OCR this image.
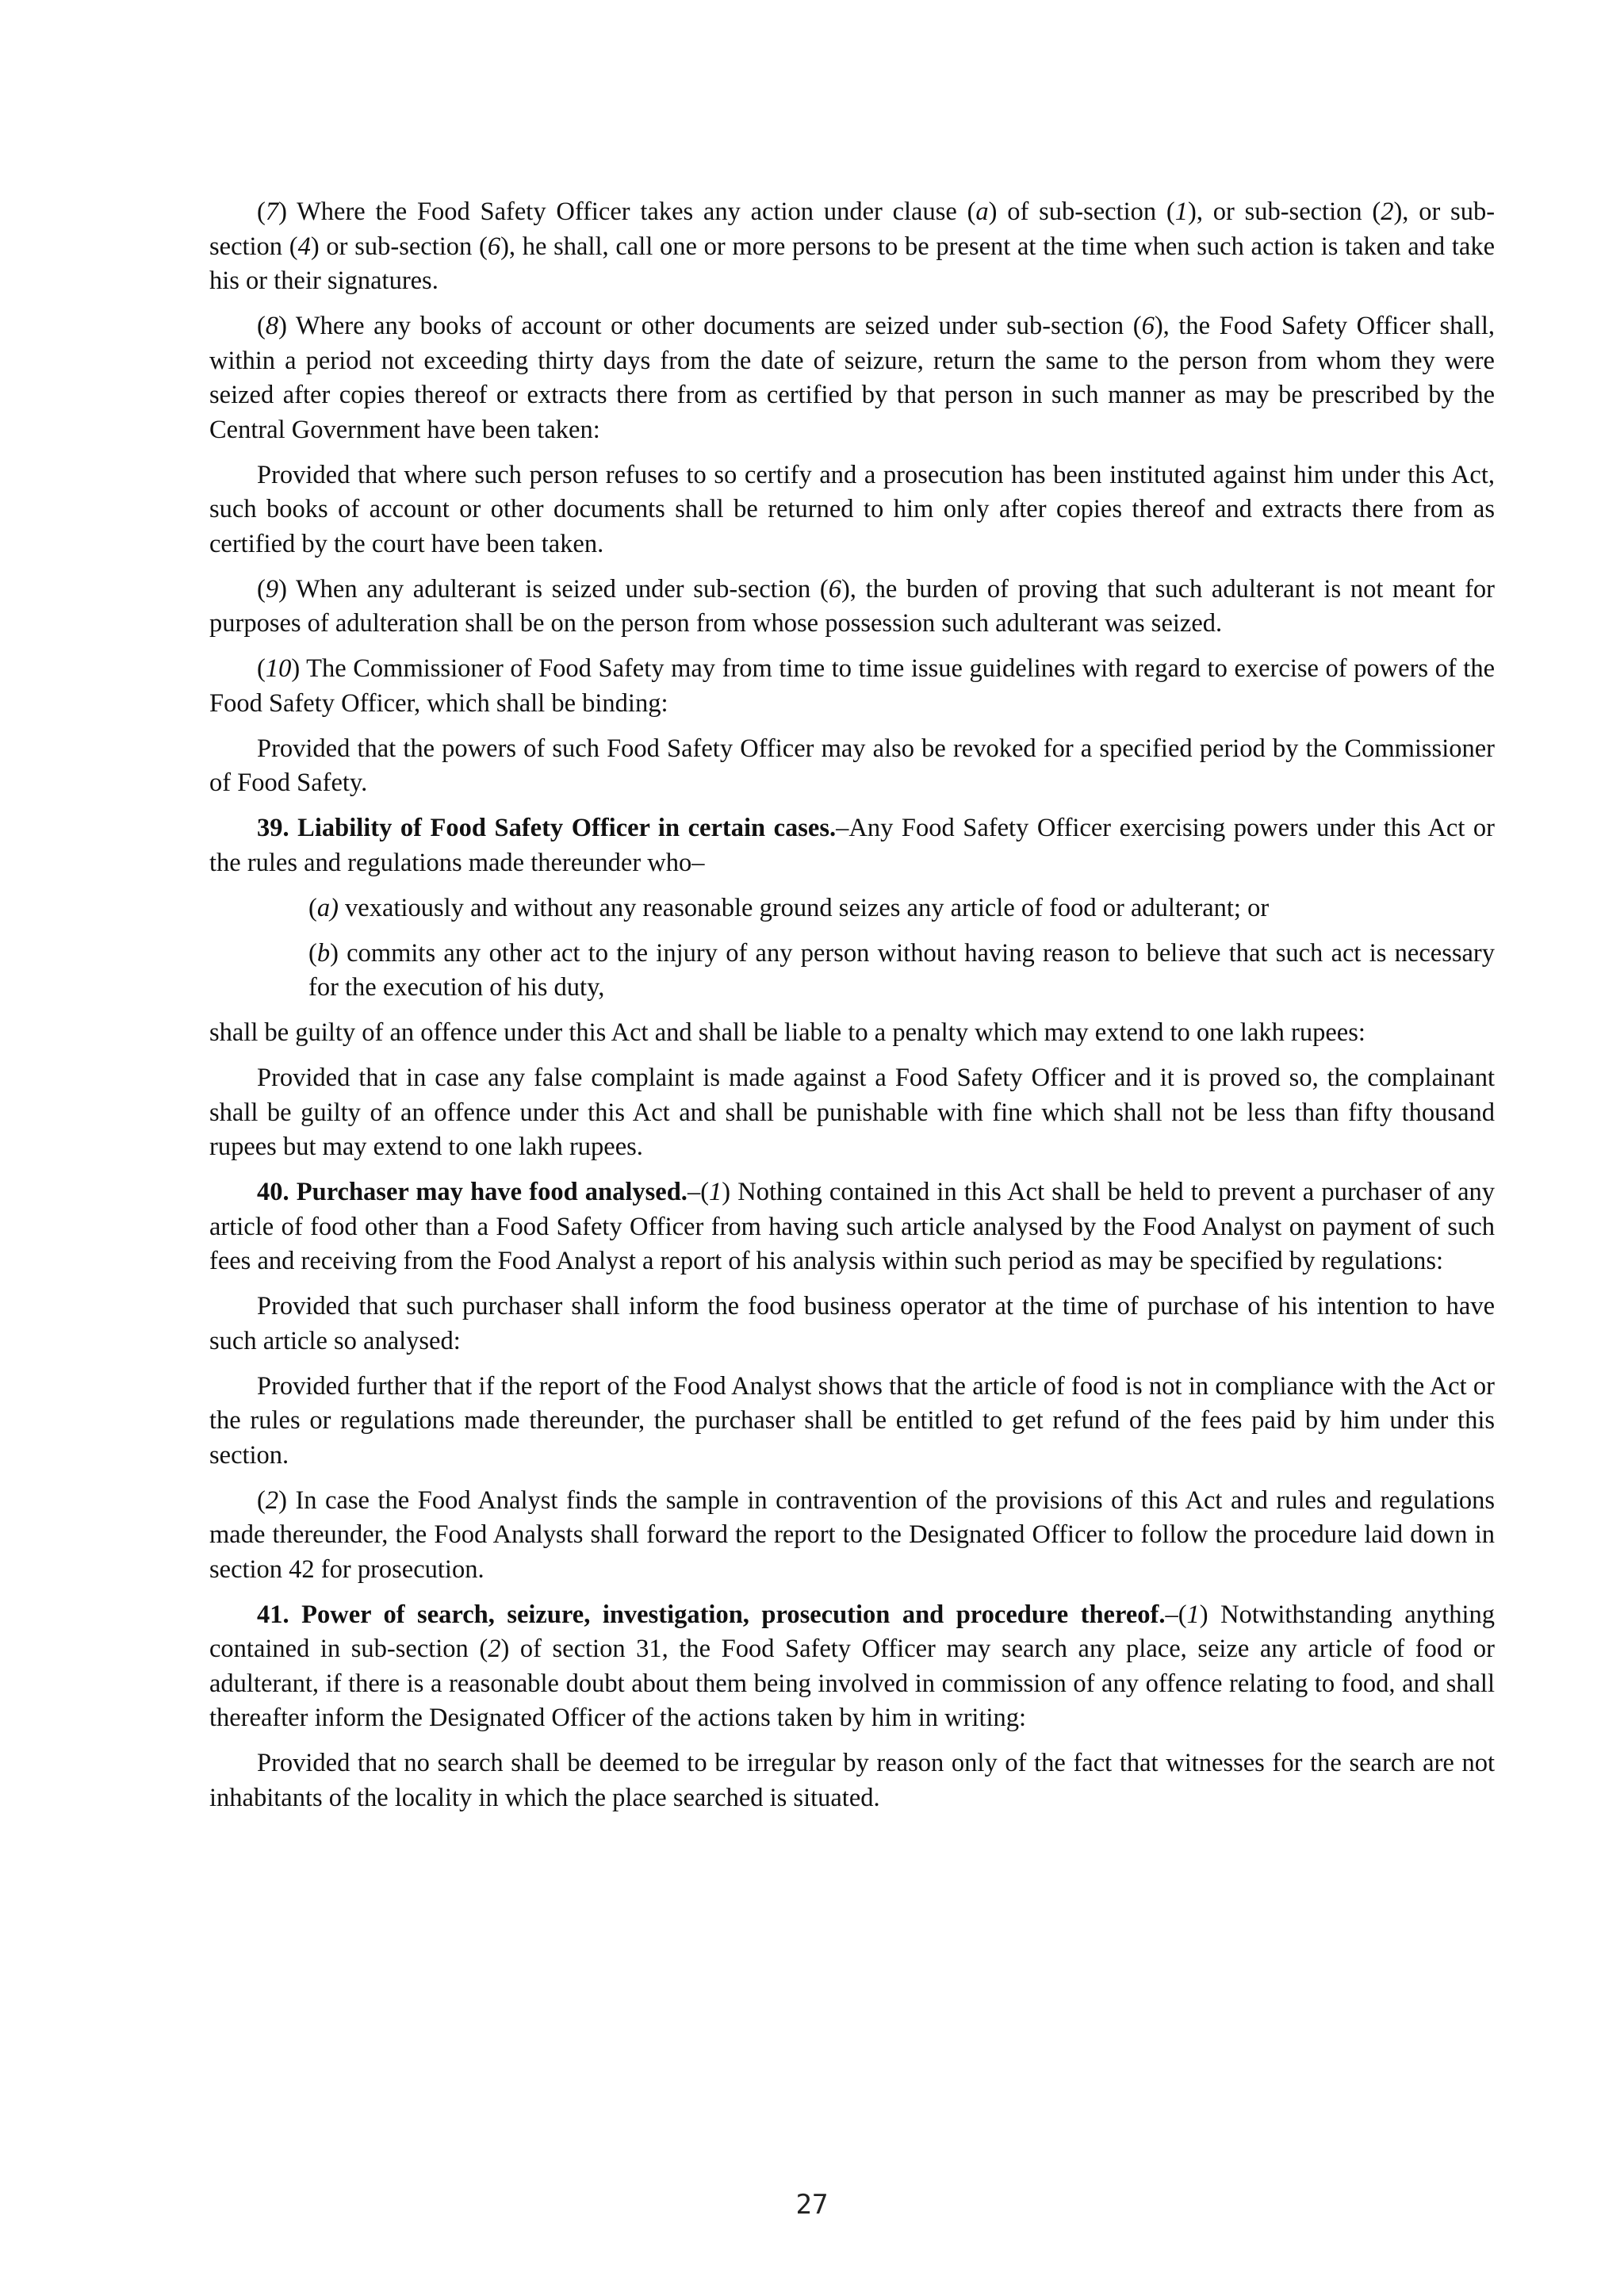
(7) Where the Food Safety Officer takes any action under clause (a) of sub-section (1), or sub-section (2), or sub-section (4) or sub-section (6), he shall, call one or more persons to be present at the time when such action is taken and take his or their signatures.

(8) Where any books of account or other documents are seized under sub-section (6), the Food Safety Officer shall, within a period not exceeding thirty days from the date of seizure, return the same to the person from whom they were seized after copies thereof or extracts there from as certified by that person in such manner as may be prescribed by the Central Government have been taken:

Provided that where such person refuses to so certify and a prosecution has been instituted against him under this Act, such books of account or other documents shall be returned to him only after copies thereof and extracts there from as certified by the court have been taken.

(9) When any adulterant is seized under sub-section (6), the burden of proving that such adulterant is not meant for purposes of adulteration shall be on the person from whose possession such adulterant was seized.

(10) The Commissioner of Food Safety may from time to time issue guidelines with regard to exercise of powers of the Food Safety Officer, which shall be binding:

Provided that the powers of such Food Safety Officer may also be revoked for a specified period by the Commissioner of Food Safety.

39. Liability of Food Safety Officer in certain cases.–Any Food Safety Officer exercising powers under this Act or the rules and regulations made thereunder who–

(a) vexatiously and without any reasonable ground seizes any article of food or adulterant; or

(b) commits any other act to the injury of any person without having reason to believe that such act is necessary for the execution of his duty,

shall be guilty of an offence under this Act and shall be liable to a penalty which may extend to one lakh rupees:

Provided that in case any false complaint is made against a Food Safety Officer and it is proved so, the complainant shall be guilty of an offence under this Act and shall be punishable with fine which shall not be less than fifty thousand rupees but may extend to one lakh rupees.

40. Purchaser may have food analysed.–(1) Nothing contained in this Act shall be held to prevent a purchaser of any article of food other than a Food Safety Officer from having such article analysed by the Food Analyst on payment of such fees and receiving from the Food Analyst a report of his analysis within such period as may be specified by regulations:

Provided that such purchaser shall inform the food business operator at the time of purchase of his intention to have such article so analysed:

Provided further that if the report of the Food Analyst shows that the article of food is not in compliance with the Act or the rules or regulations made thereunder, the purchaser shall be entitled to get refund of the fees paid by him under this section.

(2) In case the Food Analyst finds the sample in contravention of the provisions of this Act and rules and regulations made thereunder, the Food Analysts shall forward the report to the Designated Officer to follow the procedure laid down in section 42 for prosecution.

41. Power of search, seizure, investigation, prosecution and procedure thereof.–(1) Notwithstanding anything contained in sub-section (2) of section 31, the Food Safety Officer may search any place, seize any article of food or adulterant, if there is a reasonable doubt about them being involved in commission of any offence relating to food, and shall thereafter inform the Designated Officer of the actions taken by him in writing:

Provided that no search shall be deemed to be irregular by reason only of the fact that witnesses for the search are not inhabitants of the locality in which the place searched is situated.

27
